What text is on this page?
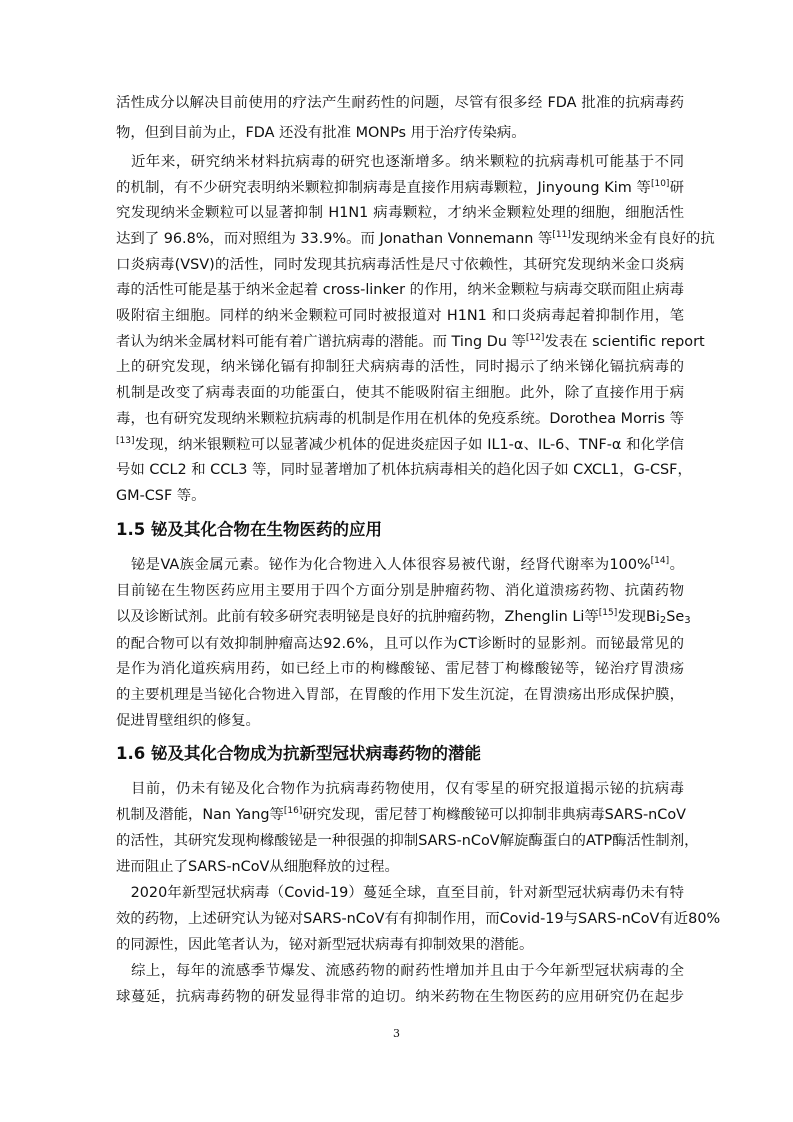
活性成分以解决目前使用的疗法产生耐药性的问题，尽管有很多经 FDA 批准的抗病毒药
物，但到目前为止，FDA 还没有批准 MONPs 用于治疗传染病。
　近年来，研究纳米材料抗病毒的研究也逐渐增多。纳米颗粒的抗病毒机可能基于不同
的机制，有不少研究表明纳米颗粒抑制病毒是直接作用病毒颗粒，Jinyoung Kim 等[10]研
究发现纳米金颗粒可以显著抑制 H1N1 病毒颗粒，才纳米金颗粒处理的细胞，细胞活性
达到了 96.8%，而对照组为 33.9%。而 Jonathan Vonnemann 等[11]发现纳米金有良好的抗
口炎病毒(VSV)的活性，同时发现其抗病毒活性是尺寸依赖性，其研究发现纳米金口炎病
毒的活性可能是基于纳米金起着 cross-linker 的作用，纳米金颗粒与病毒交联而阻止病毒
吸附宿主细胞。同样的纳米金颗粒可同时被报道对 H1N1 和口炎病毒起着抑制作用，笔
者认为纳米金属材料可能有着广谱抗病毒的潜能。而 Ting Du 等[12]发表在 scientific report
上的研究发现，纳米锑化镉有抑制狂犬病病毒的活性，同时揭示了纳米锑化镉抗病毒的
机制是改变了病毒表面的功能蛋白，使其不能吸附宿主细胞。此外，除了直接作用于病
毒，也有研究发现纳米颗粒抗病毒的机制是作用在机体的免疫系统。Dorothea Morris 等
[13]发现，纳米银颗粒可以显著减少机体的促进炎症因子如 IL1-α、IL-6、TNF-α 和化学信
号如 CCL2 和 CCL3 等，同时显著增加了机体抗病毒相关的趋化因子如 CXCL1，G-CSF，
GM-CSF 等。
1.5 铋及其化合物在生物医药的应用
　铋是VA族金属元素。铋作为化合物进入人体很容易被代谢，经肾代谢率为100%[14]。
目前铋在生物医药应用主要用于四个方面分别是肿瘤药物、消化道溃疡药物、抗菌药物
以及诊断试剂。此前有较多研究表明铋是良好的抗肿瘤药物，Zhenglin Li等[15]发现$Bi_2Se_3$
的配合物可以有效抑制肿瘤高达92.6%，且可以作为CT诊断时的显影剂。而铋最常见的
是作为消化道疾病用药，如已经上市的枸橼酸铋、雷尼替丁枸橼酸铋等，铋治疗胃溃疡
的主要机理是当铋化合物进入胃部，在胃酸的作用下发生沉淀，在胃溃疡出形成保护膜，
促进胃壁组织的修复。
1.6 铋及其化合物成为抗新型冠状病毒药物的潜能
　目前，仍未有铋及化合物作为抗病毒药物使用，仅有零星的研究报道揭示铋的抗病毒
机制及潜能，Nan Yang等[16]研究发现，雷尼替丁枸橼酸铋可以抑制非典病毒SARS-nCoV
的活性，其研究发现枸橼酸铋是一种很强的抑制SARS-nCoV解旋酶蛋白的ATP酶活性制剂，
进而阻止了SARS-nCoV从细胞释放的过程。
　2020年新型冠状病毒（Covid-19）蔓延全球，直至目前，针对新型冠状病毒仍未有特
效的药物，上述研究认为铋对SARS-nCoV有有抑制作用，而Covid-19与SARS-nCoV有近80%
的同源性，因此笔者认为，铋对新型冠状病毒有抑制效果的潜能。
　综上，每年的流感季节爆发、流感药物的耐药性增加并且由于今年新型冠状病毒的全
球蔓延，抗病毒药物的研发显得非常的迫切。纳米药物在生物医药的应用研究仍在起步
3
